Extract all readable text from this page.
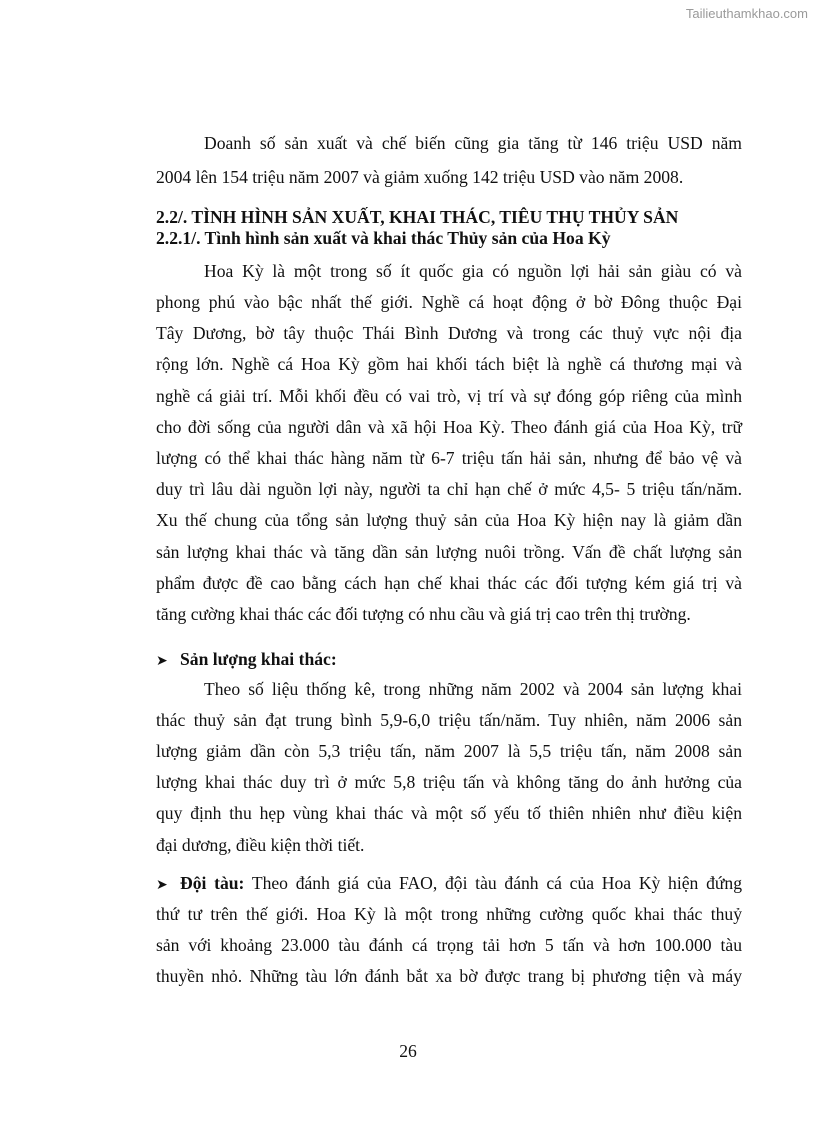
Tailieuthamkhao.com
Doanh số sản xuất và chế biến cũng gia tăng từ 146 triệu USD năm
2004 lên 154 triệu năm 2007 và giảm xuống 142 triệu USD vào năm 2008.
Hoa Kỳ là một trong số ít quốc gia có nguồn lợi hải sản giàu có và
phong phú vào bậc nhất thế giới. Nghề cá hoạt động ở bờ Đông thuộc Đại
Tây Dương, bờ tây thuộc Thái Bình Dương và trong các thuỷ vực nội địa
rộng lớn. Nghề cá Hoa Kỳ gồm hai khối tách biệt là nghề cá thương mại và
nghề cá giải trí. Mỗi khối đều có vai trò, vị trí và sự đóng góp riêng của mình
cho đời sống của người dân và xã hội Hoa Kỳ. Theo đánh giá của Hoa Kỳ, trữ
lượng có thể khai thác hàng năm từ 6-7 triệu tấn hải sản, nhưng để bảo vệ và
duy trì lâu dài nguồn lợi này, người ta chỉ hạn chế ở mức 4,5- 5 triệu tấn/năm.
Xu thế chung của tổng sản lượng thuỷ sản của Hoa Kỳ hiện nay là giảm dần
sản lượng khai thác và tăng dần sản lượng nuôi trồng. Vấn đề chất lượng sản
phẩm được đề cao bằng cách hạn chế khai thác các đối tượng kém giá trị và
tăng cường khai thác các đối tượng có nhu cầu và giá trị cao trên thị trường.
Theo số liệu thống kê, trong những năm 2002 và 2004 sản lượng khai
thác thuỷ sản đạt trung bình 5,9-6,0 triệu tấn/năm. Tuy nhiên, năm 2006 sản
lượng giảm dần còn 5,3 triệu tấn, năm 2007 là 5,5 triệu tấn, năm 2008 sản
lượng khai thác duy trì ở mức 5,8 triệu tấn và không tăng do ảnh hưởng của
quy định thu hẹp vùng khai thác và một số yếu tố thiên nhiên như điều kiện
đại dương, điều kiện thời tiết.
thứ tư trên thế giới. Hoa Kỳ là một trong những cường quốc khai thác thuỷ
sản với khoảng 23.000 tàu đánh cá trọng tải hơn 5 tấn và hơn 100.000 tàu
thuyền nhỏ. Những tàu lớn đánh bắt xa bờ được trang bị phương tiện và máy
2.2/. TÌNH HÌNH SẢN XUẤT, KHAI THÁC, TIÊU THỤ THỦY SẢN
2.2.1/. Tình hình sản xuất và khai thác Thủy sản của Hoa Kỳ
➤ Sản lượng khai thác:
➤ Đội tàu: Theo đánh giá của FAO, đội tàu đánh cá của Hoa Kỳ hiện đứng
26
